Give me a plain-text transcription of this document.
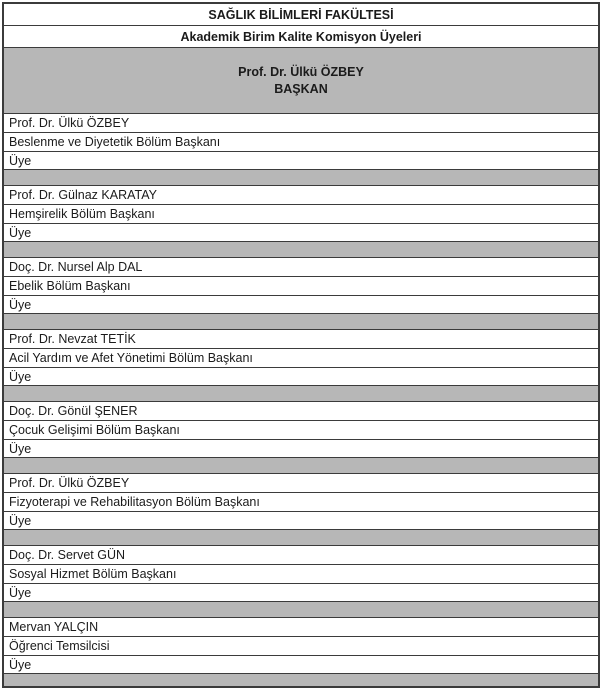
SAĞLIK BİLİMLERİ FAKÜLTESİ
Akademik Birim Kalite Komisyon Üyeleri
Prof. Dr. Ülkü ÖZBEY
BAŞKAN
Prof. Dr. Ülkü ÖZBEY
Beslenme ve Diyetetik Bölüm Başkanı
Üye
Prof. Dr. Gülnaz KARATAY
Hemşirelik Bölüm Başkanı
Üye
Doç. Dr. Nursel Alp DAL
Ebelik Bölüm Başkanı
Üye
Prof. Dr. Nevzat TETİK
Acil Yardım ve Afet Yönetimi Bölüm Başkanı
Üye
Doç. Dr. Gönül ŞENER
Çocuk Gelişimi Bölüm Başkanı
Üye
Prof. Dr. Ülkü ÖZBEY
Fizyoterapi ve Rehabilitasyon Bölüm Başkanı
Üye
Doç. Dr. Servet GÜN
Sosyal Hizmet Bölüm Başkanı
Üye
Mervan YALÇIN
Öğrenci Temsilcisi
Üye
